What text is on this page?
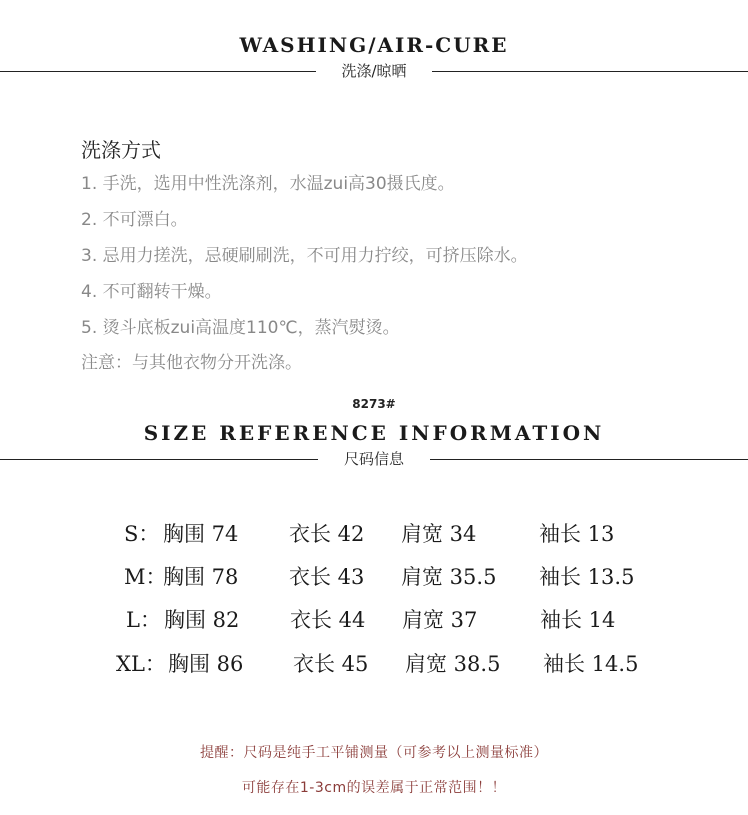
WASHING/AIR-CURE
洗涤/晾晒
洗涤方式
1. 手洗，选用中性洗涤剂，水温zui高30摄氏度。
2. 不可漂白。
3. 忌用力搓洗，忌硬刷刷洗，不可用力拧绞，可挤压除水。
4. 不可翻转干燥。
5. 烫斗底板zui高温度110℃，蒸汽熨烫。
注意：与其他衣物分开洗涤。
8273#
SIZE REFERENCE INFORMATION
尺码信息
S： 胸围 74 衣长 42 肩宽 34	袖长 13
M：
胸围 78 衣长 43 肩宽 35.5 袖长 13.5
L： 胸围 82 衣长 44 肩宽 37	袖长 14
XL： 胸围 86 衣长 45 肩宽 38.5 袖长 14.5
提醒：尺码是纯手工平铺测量（可参考以上测量标准）
可能存在1-3cm的误差属于正常范围！！
